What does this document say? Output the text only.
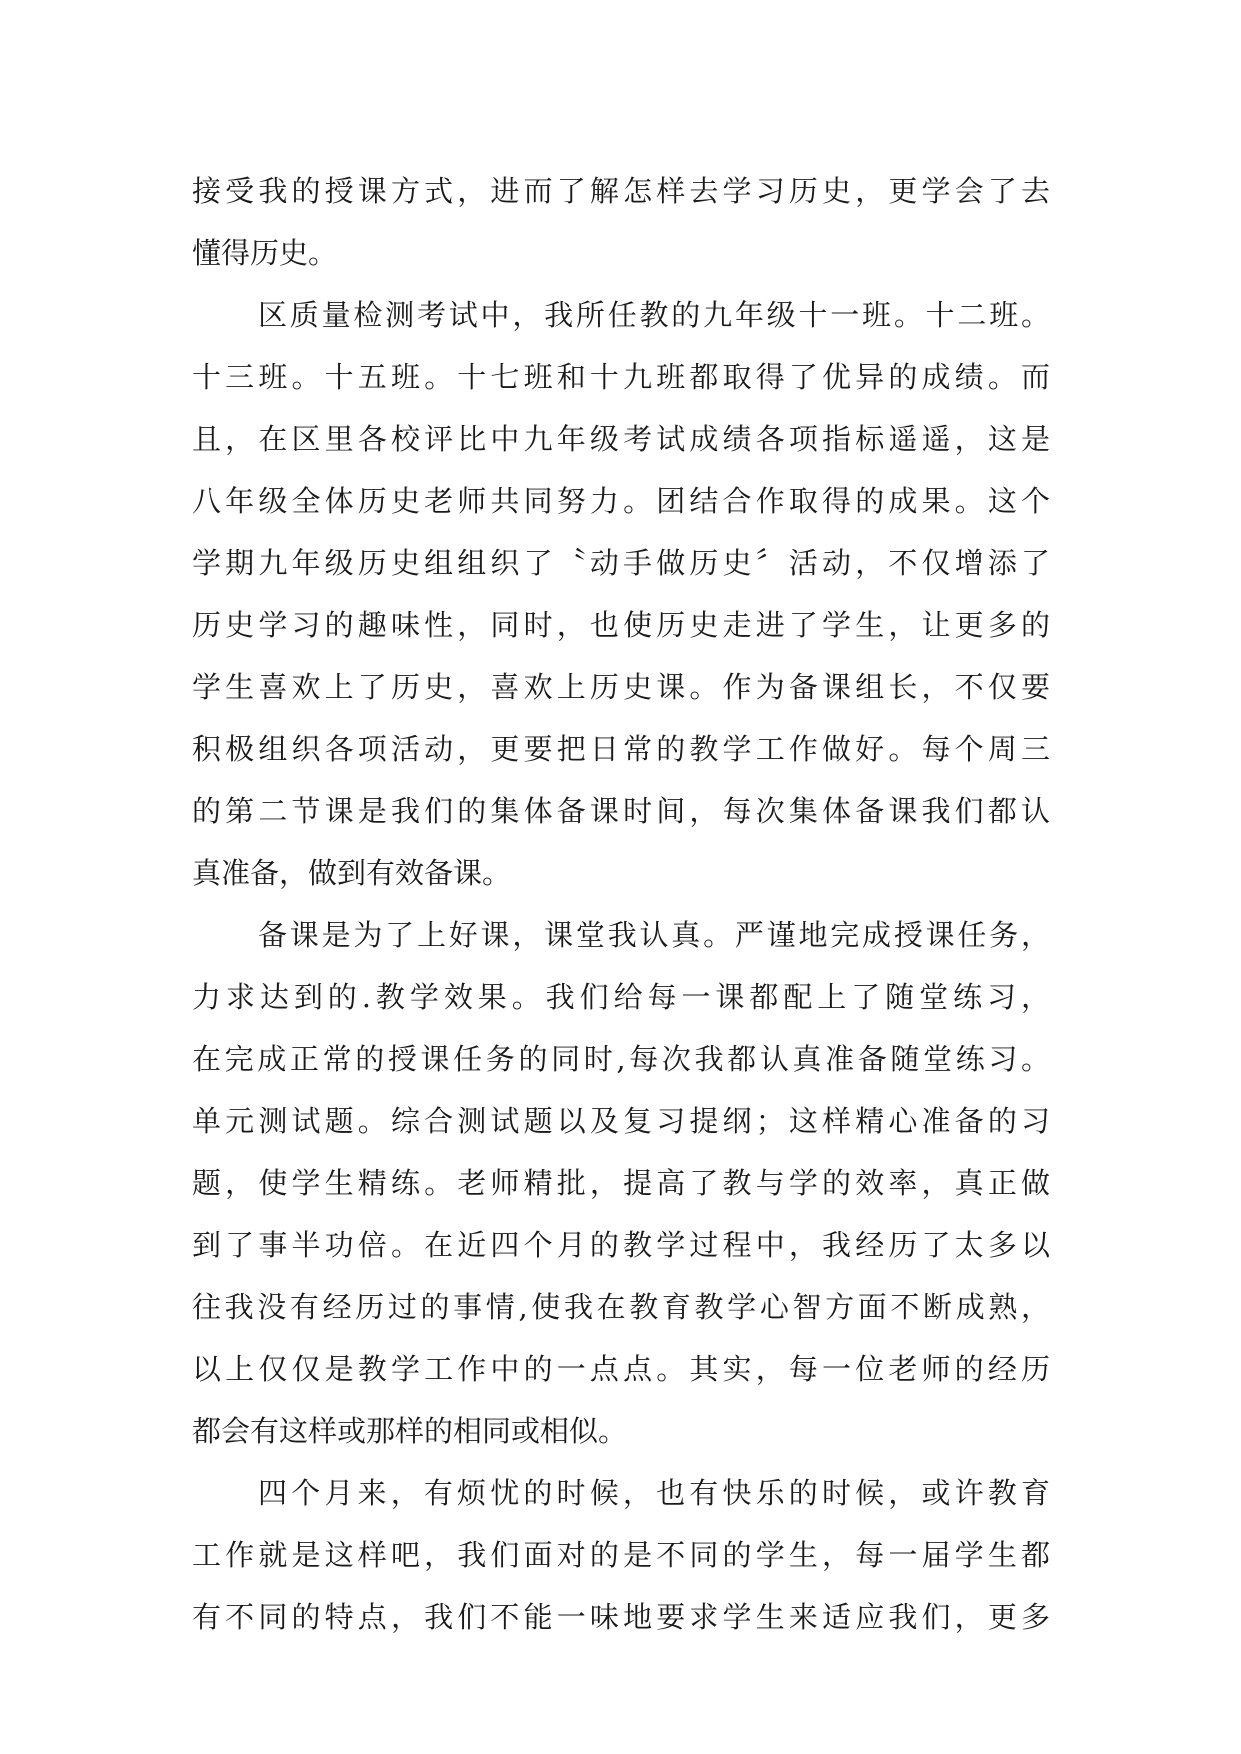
接受我的授课方式，进而了解怎样去学习历史，更学会了去
懂得历史。
区质量检测考试中，我所任教的九年级十一班。十二班。
十三班。十五班。十七班和十九班都取得了优异的成绩。而
且，在区里各校评比中九年级考试成绩各项指标遥遥，这是
八年级全体历史老师共同努力。团结合作取得的成果。这个
学期九年级历史组组织了〝动手做历史〞活动，不仅增添了
历史学习的趣味性，同时，也使历史走进了学生，让更多的
学生喜欢上了历史，喜欢上历史课。作为备课组长，不仅要
积极组织各项活动，更要把日常的教学工作做好。每个周三
的第二节课是我们的集体备课时间，每次集体备课我们都认
真准备，做到有效备课。
备课是为了上好课，课堂我认真。严谨地完成授课任务，
力求达到的.教学效果。我们给每一课都配上了随堂练习，
在完成正常的授课任务的同时,每次我都认真准备随堂练习。
单元测试题。综合测试题以及复习提纲；这样精心准备的习
题，使学生精练。老师精批，提高了教与学的效率，真正做
到了事半功倍。在近四个月的教学过程中，我经历了太多以
往我没有经历过的事情,使我在教育教学心智方面不断成熟，
以上仅仅是教学工作中的一点点。其实，每一位老师的经历
都会有这样或那样的相同或相似。
四个月来，有烦忧的时候，也有快乐的时候，或许教育
工作就是这样吧，我们面对的是不同的学生，每一届学生都
有不同的特点，我们不能一味地要求学生来适应我们，更多
